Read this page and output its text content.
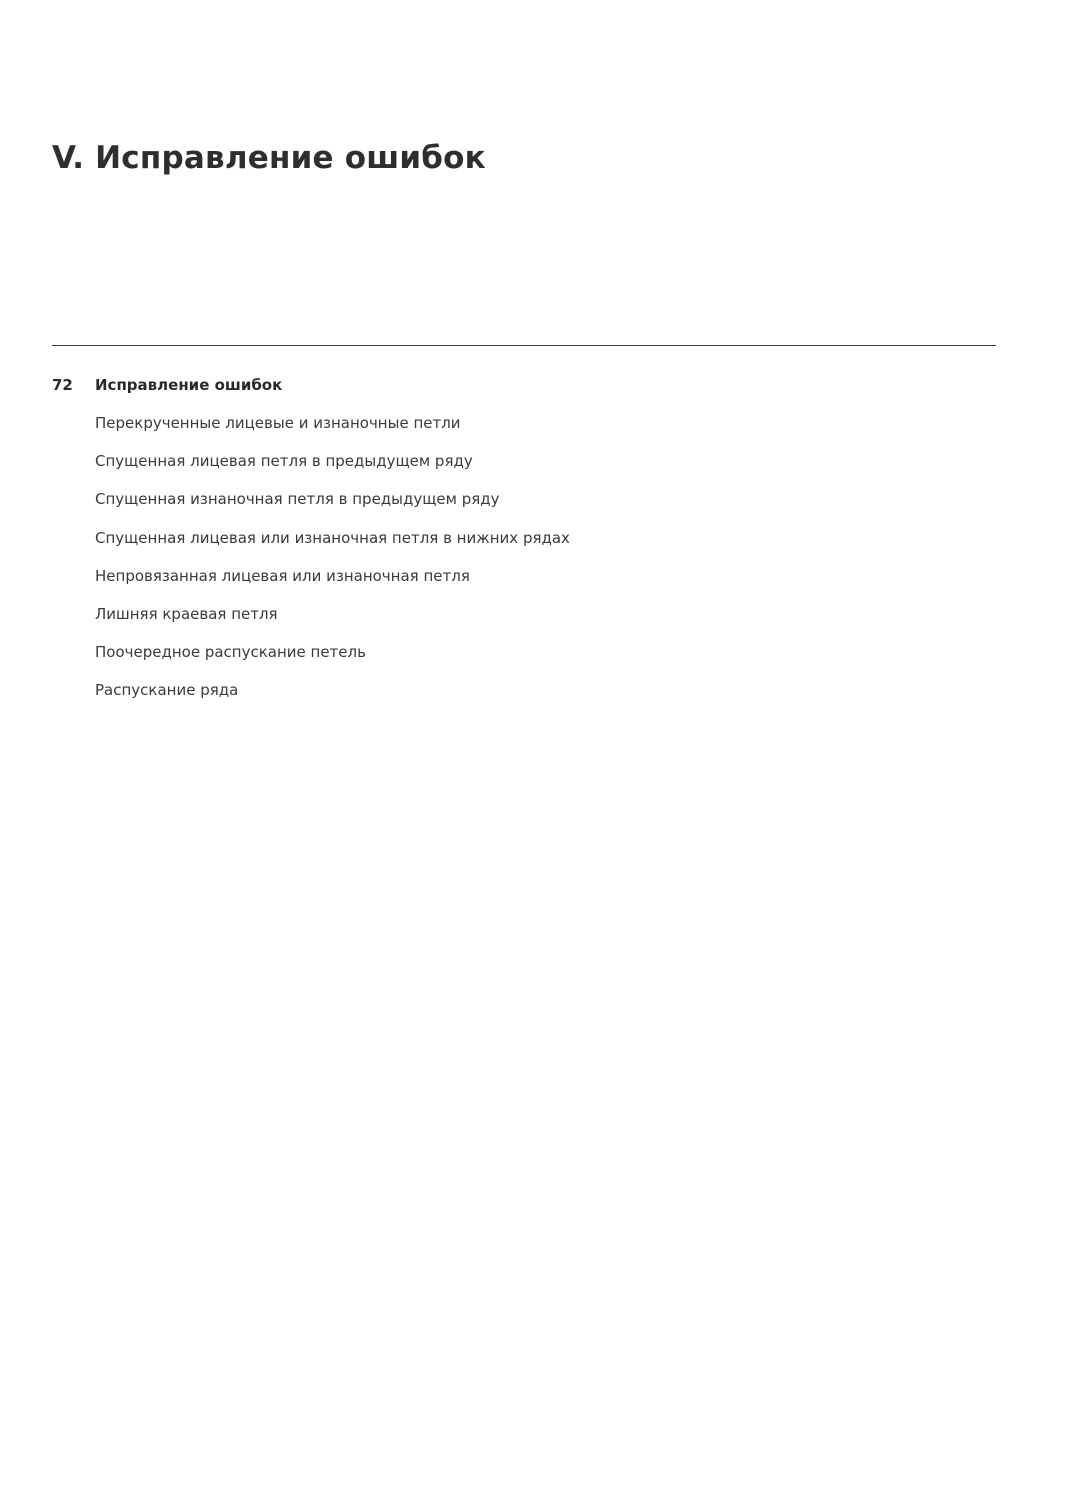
V. Исправление ошибок
72	Исправление ошибок
Перекрученные лицевые и изнаночные петли
Спущенная лицевая петля в предыдущем ряду
Спущенная изнаночная петля в предыдущем ряду
Спущенная лицевая или изнаночная петля в нижних рядах
Непровязанная лицевая или изнаночная петля
Лишняя краевая петля
Поочередное распускание петель
Распускание ряда
